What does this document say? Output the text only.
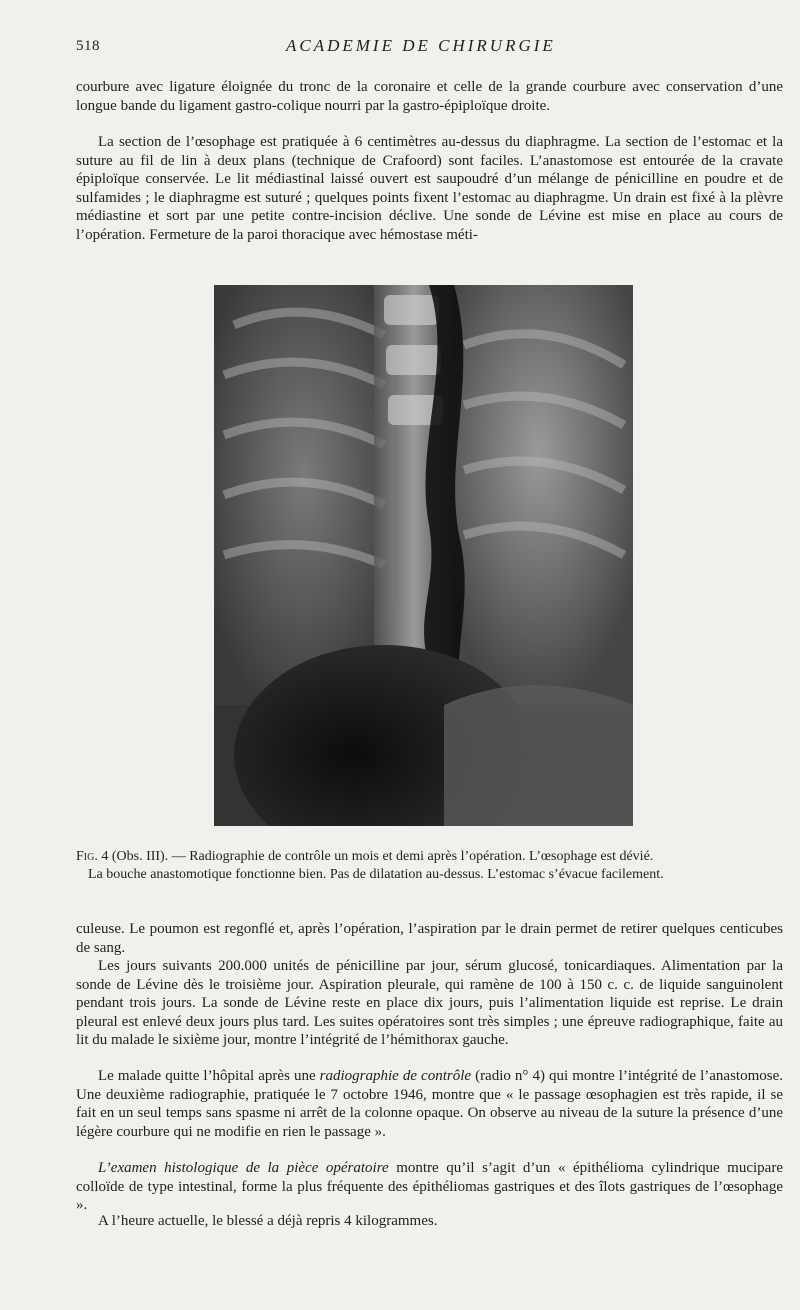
518	ACADEMIE DE CHIRURGIE

courbure avec ligature éloignée du tronc de la coronaire et celle de la grande courbure avec conservation d’une longue bande du ligament gastro-colique nourri par la gastro-épiploïque droite.

La section de l’œsophage est pratiquée à 6 centimètres au-dessus du diaphragme. La section de l’estomac et la suture au fil de lin à deux plans (technique de Crafoord) sont faciles. L’anastomose est entourée de la cravate épiploïque conservée. Le lit médiastinal laissé ouvert est saupoudré d’un mélange de pénicilline en poudre et de sulfamides ; le diaphragme est suturé ; quelques points fixent l’estomac au diaphragme. Un drain est fixé à la plèvre médiastine et sort par une petite contre-incision déclive. Une sonde de Lévine est mise en place au cours de l’opération. Fermeture de la paroi thoracique avec hémostase méti-

Fig. 4 (Obs. III). — Radiographie de contrôle un mois et demi après l’opération. L’œsophage est dévié.
La bouche anastomotique fonctionne bien. Pas de dilatation au-dessus. L’estomac s’évacue facilement.

culeuse. Le poumon est regonflé et, après l’opération, l’aspiration par le drain permet de retirer quelques centicubes de sang.

Les jours suivants 200.000 unités de pénicilline par jour, sérum glucosé, tonicardiaques. Alimentation par la sonde de Lévine dès le troisième jour. Aspiration pleurale, qui ramène de 100 à 150 c. c. de liquide sanguinolent pendant trois jours. La sonde de Lévine reste en place dix jours, puis l’alimentation liquide est reprise. Le drain pleural est enlevé deux jours plus tard. Les suites opératoires sont très simples ; une épreuve radiographique, faite au lit du malade le sixième jour, montre l’intégrité de l’hémithorax gauche.

Le malade quitte l’hôpital après une radiographie de contrôle (radio n° 4) qui montre l’intégrité de l’anastomose. Une deuxième radiographie, pratiquée le 7 octobre 1946, montre que « le passage œsophagien est très rapide, il se fait en un seul temps sans spasme ni arrêt de la colonne opaque. On observe au niveau de la suture la présence d’une légère courbure qui ne modifie en rien le passage ».

L’examen histologique de la pièce opératoire montre qu’il s’agit d’un « épithélioma cylindrique mucipare colloïde de type intestinal, forme la plus fréquente des épithéliomas gastriques et des îlots gastriques de l’œsophage ».

A l’heure actuelle, le blessé a déjà repris 4 kilogrammes.
